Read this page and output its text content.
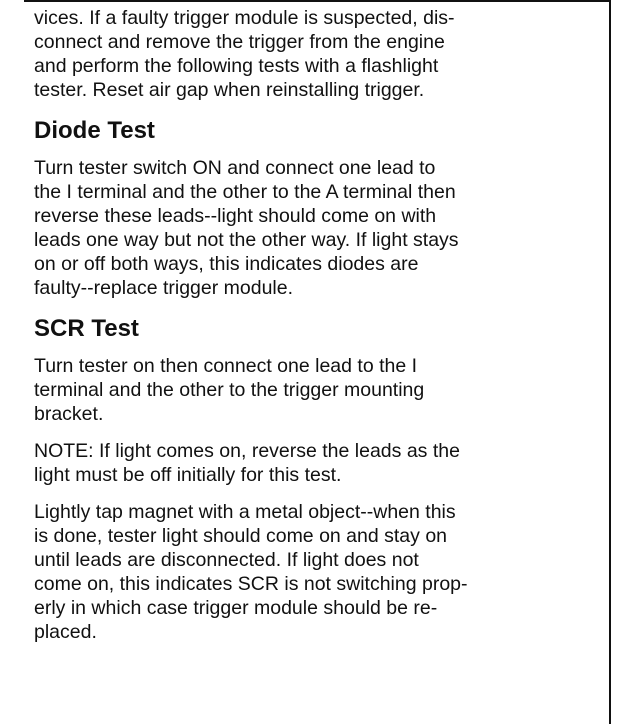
vices. If a faulty trigger module is suspected, dis-
connect and remove the trigger from the engine
and perform the following tests with a flashlight
tester. Reset air gap when reinstalling trigger.

Diode Test

Turn tester switch ON and connect one lead to
the I terminal and the other to the A terminal then
reverse these leads--light should come on with
leads one way but not the other way. If light stays
on or off both ways, this indicates diodes are
faulty--replace trigger module.

SCR Test

Turn tester on then connect one lead to the I
terminal and the other to the trigger mounting
bracket.

NOTE: If light comes on, reverse the leads as the
light must be off initially for this test.

Lightly tap magnet with a metal object--when this
is done, tester light should come on and stay on
until leads are disconnected. If light does not
come on, this indicates SCR is not switching prop-
erly in which case trigger module should be re-
placed.
